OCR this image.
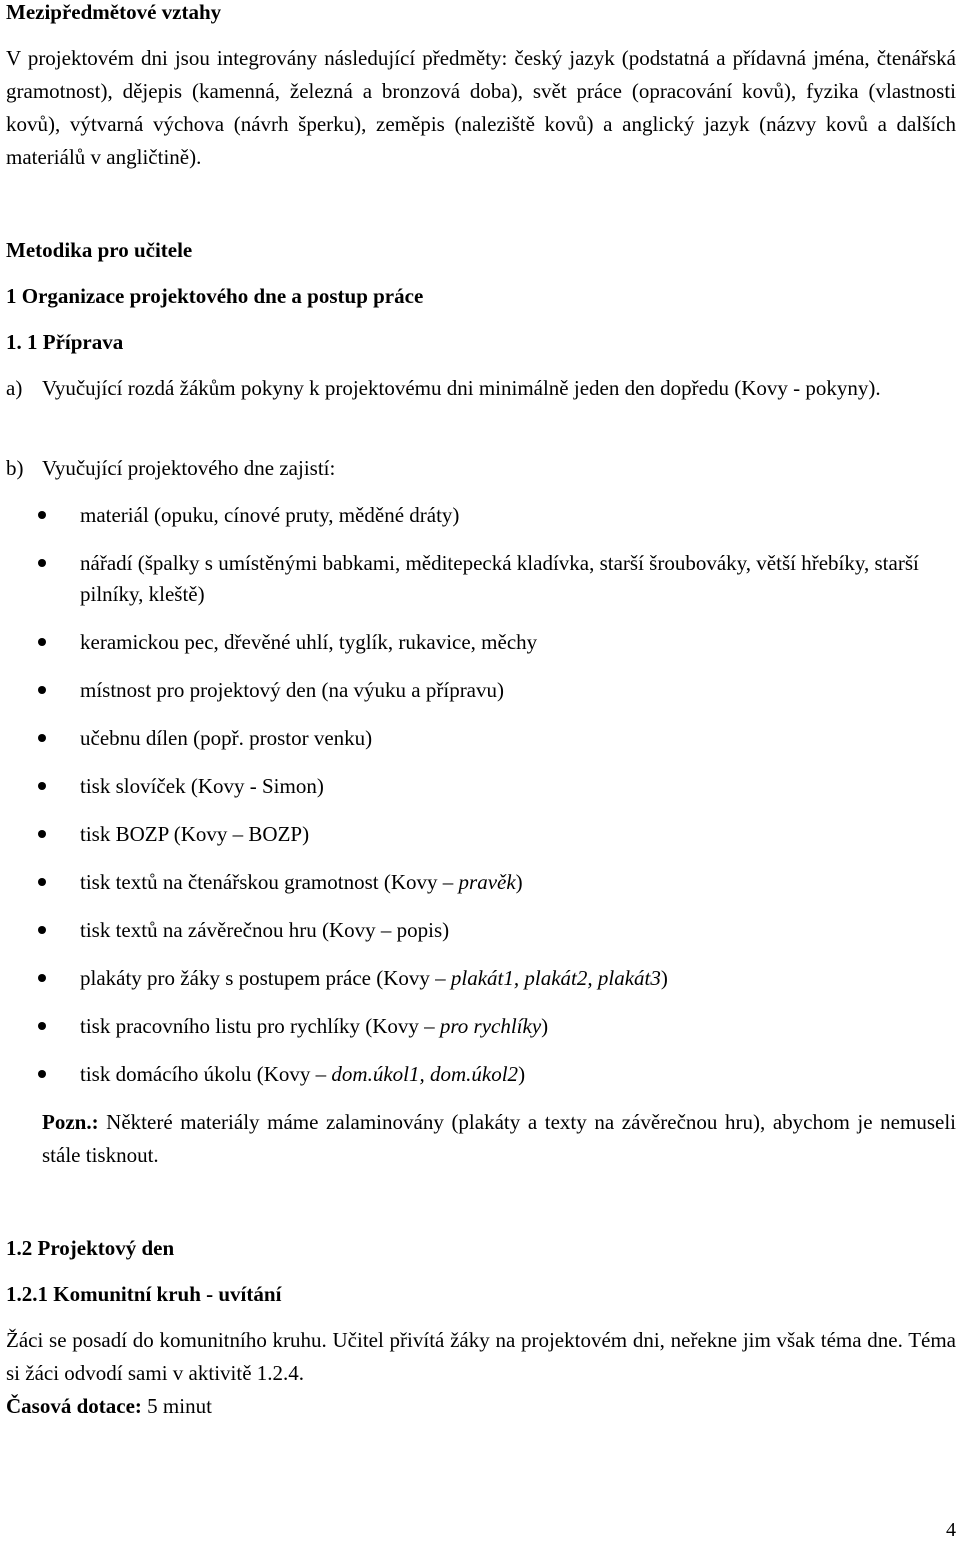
Mezipředmětové vztahy

V projektovém dni jsou integrovány následující předměty: český jazyk (podstatná a přídavná jména, čtenářská gramotnost), dějepis (kamenná, železná a bronzová doba), svět práce (opracování kovů), fyzika (vlastnosti kovů), výtvarná výchova (návrh šperku), zeměpis (naleziště kovů) a anglický jazyk (názvy kovů a dalších materiálů v angličtině).

Metodika pro učitele
1 Organizace projektového dne a postup práce
1. 1 Příprava
a) Vyučující rozdá žákům pokyny k projektovému dni minimálně jeden den dopředu (Kovy - pokyny).
b) Vyučující projektového dne zajistí:
materiál (opuku, cínové pruty, měděné dráty)
nářadí (špalky s umístěnými babkami, měditepecká kladívka, starší šroubováky, větší hřebíky, starší pilníky, kleště)
keramickou pec, dřevěné uhlí, tyglík, rukavice, měchy
místnost pro projektový den (na výuku a přípravu)
učebnu dílen (popř. prostor venku)
tisk slovíček (Kovy - Simon)
tisk BOZP (Kovy – BOZP)
tisk textů na čtenářskou gramotnost (Kovy – pravěk)
tisk textů na závěrečnou hru (Kovy – popis)
plakáty pro žáky s postupem práce (Kovy – plakát1, plakát2, plakát3)
tisk pracovního listu pro rychlíky (Kovy – pro rychlíky)
tisk domácího úkolu (Kovy – dom.úkol1, dom.úkol2)

Pozn.: Některé materiály máme zalaminovány (plakáty a texty na závěrečnou hru), abychom je nemuseli stále tisknout.

1.2 Projektový den
1.2.1 Komunitní kruh - uvítání

Žáci se posadí do komunitního kruhu. Učitel přivítá žáky na projektovém dni, neřekne jim však téma dne. Téma si žáci odvodí sami v aktivitě 1.2.4.

Časová dotace: 5 minut

4
